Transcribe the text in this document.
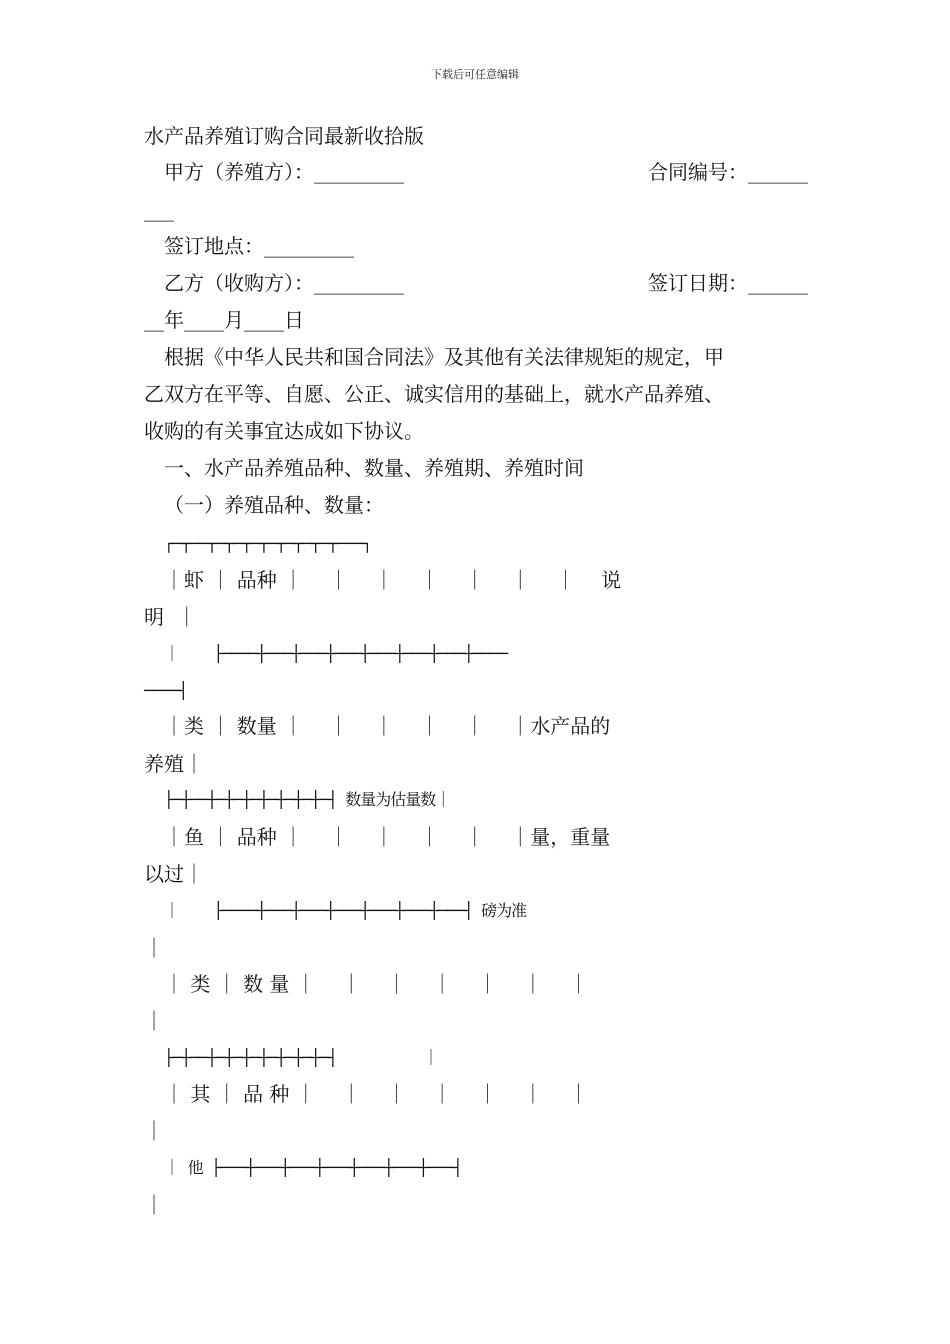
下载后可任意编辑

水产品养殖订购合同最新收拾版

甲方（养殖方）：_________	合同编号：______

___

签订地点：_________

乙方（收购方）：_________	签订日期：______

__年____月____日

根据《中华人民共和国合同法》及其他有关法律规矩的规定，甲

乙双方在平等、自愿、公正、诚实信用的基础上，就水产品养殖、

收购的有关事宜达成如下协议。

一、水产品养殖品种、数量、养殖期、养殖时间

（一）养殖品种、数量：

┌─┬──┬─┬─┬─┬─┬─┬─┬─┬───┐

｜虾 ｜ 品种 ｜    ｜    ｜    ｜    ｜    ｜    ｜    说

明  ｜

｜    ├────┼───┼───┼───┼───┼───┼───┼────

────┤

｜类 ｜ 数量 ｜    ｜    ｜    ｜    ｜    ｜水产品的

养殖｜

├─┼──┼─┼─┼─┼─┼─┼─┼─┤ 数量为估量数｜

｜鱼 ｜ 品种 ｜    ｜    ｜    ｜    ｜    ｜量，重量

以过｜

｜    ├────┼───┼───┼───┼───┼───┼───┤ 磅为准

｜

｜ 类 ｜ 数 量 ｜    ｜    ｜    ｜    ｜    ｜    ｜

｜

├─┼──┼─┼─┼─┼─┼─┼─┼─┤          ｜

｜ 其 ｜ 品 种 ｜    ｜    ｜    ｜    ｜    ｜    ｜

｜

｜ 他 ├───┼───┼───┼───┼───┼───┼───┤

｜
